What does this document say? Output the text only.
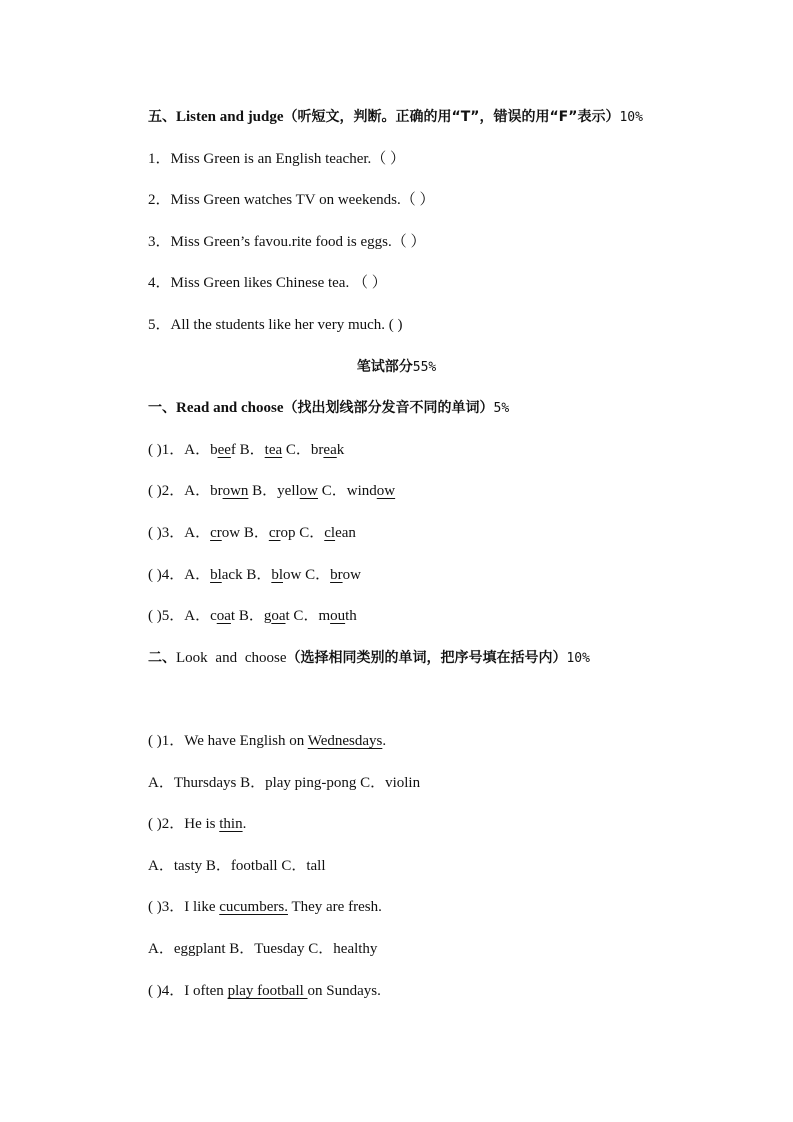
五、Listen and judge（听短文，判断。正确的用“T”，错误的用“F”表示）10%
1．Miss Green is an English teacher.（ ）
2．Miss Green watches TV on weekends.（ ）
3．Miss Green’s favou.rite food is eggs.（ ）
4．Miss Green likes Chinese tea. （ ）
5．All the students like her very much. ( )
笔试部分55%
一、Read and choose（找出划线部分发音不同的单词）5%
( )1．A．beef B．tea C．break
( )2．A．brown B．yellow C．window
( )3．A．crow B．crop C．clean
( )4．A．black B．blow C．brow
( )5．A．coat B．goat C．mouth
二、Look and choose（选择相同类别的单词，把序号填在括号内）10%
( )1．We have English on Wednesdays.
A．Thursdays B．play ping-pong C．violin
( )2．He is thin.
A．tasty B．football C．tall
( )3．I like cucumbers. They are fresh.
A．eggplant B．Tuesday C．healthy
( )4．I often play football on Sundays.
